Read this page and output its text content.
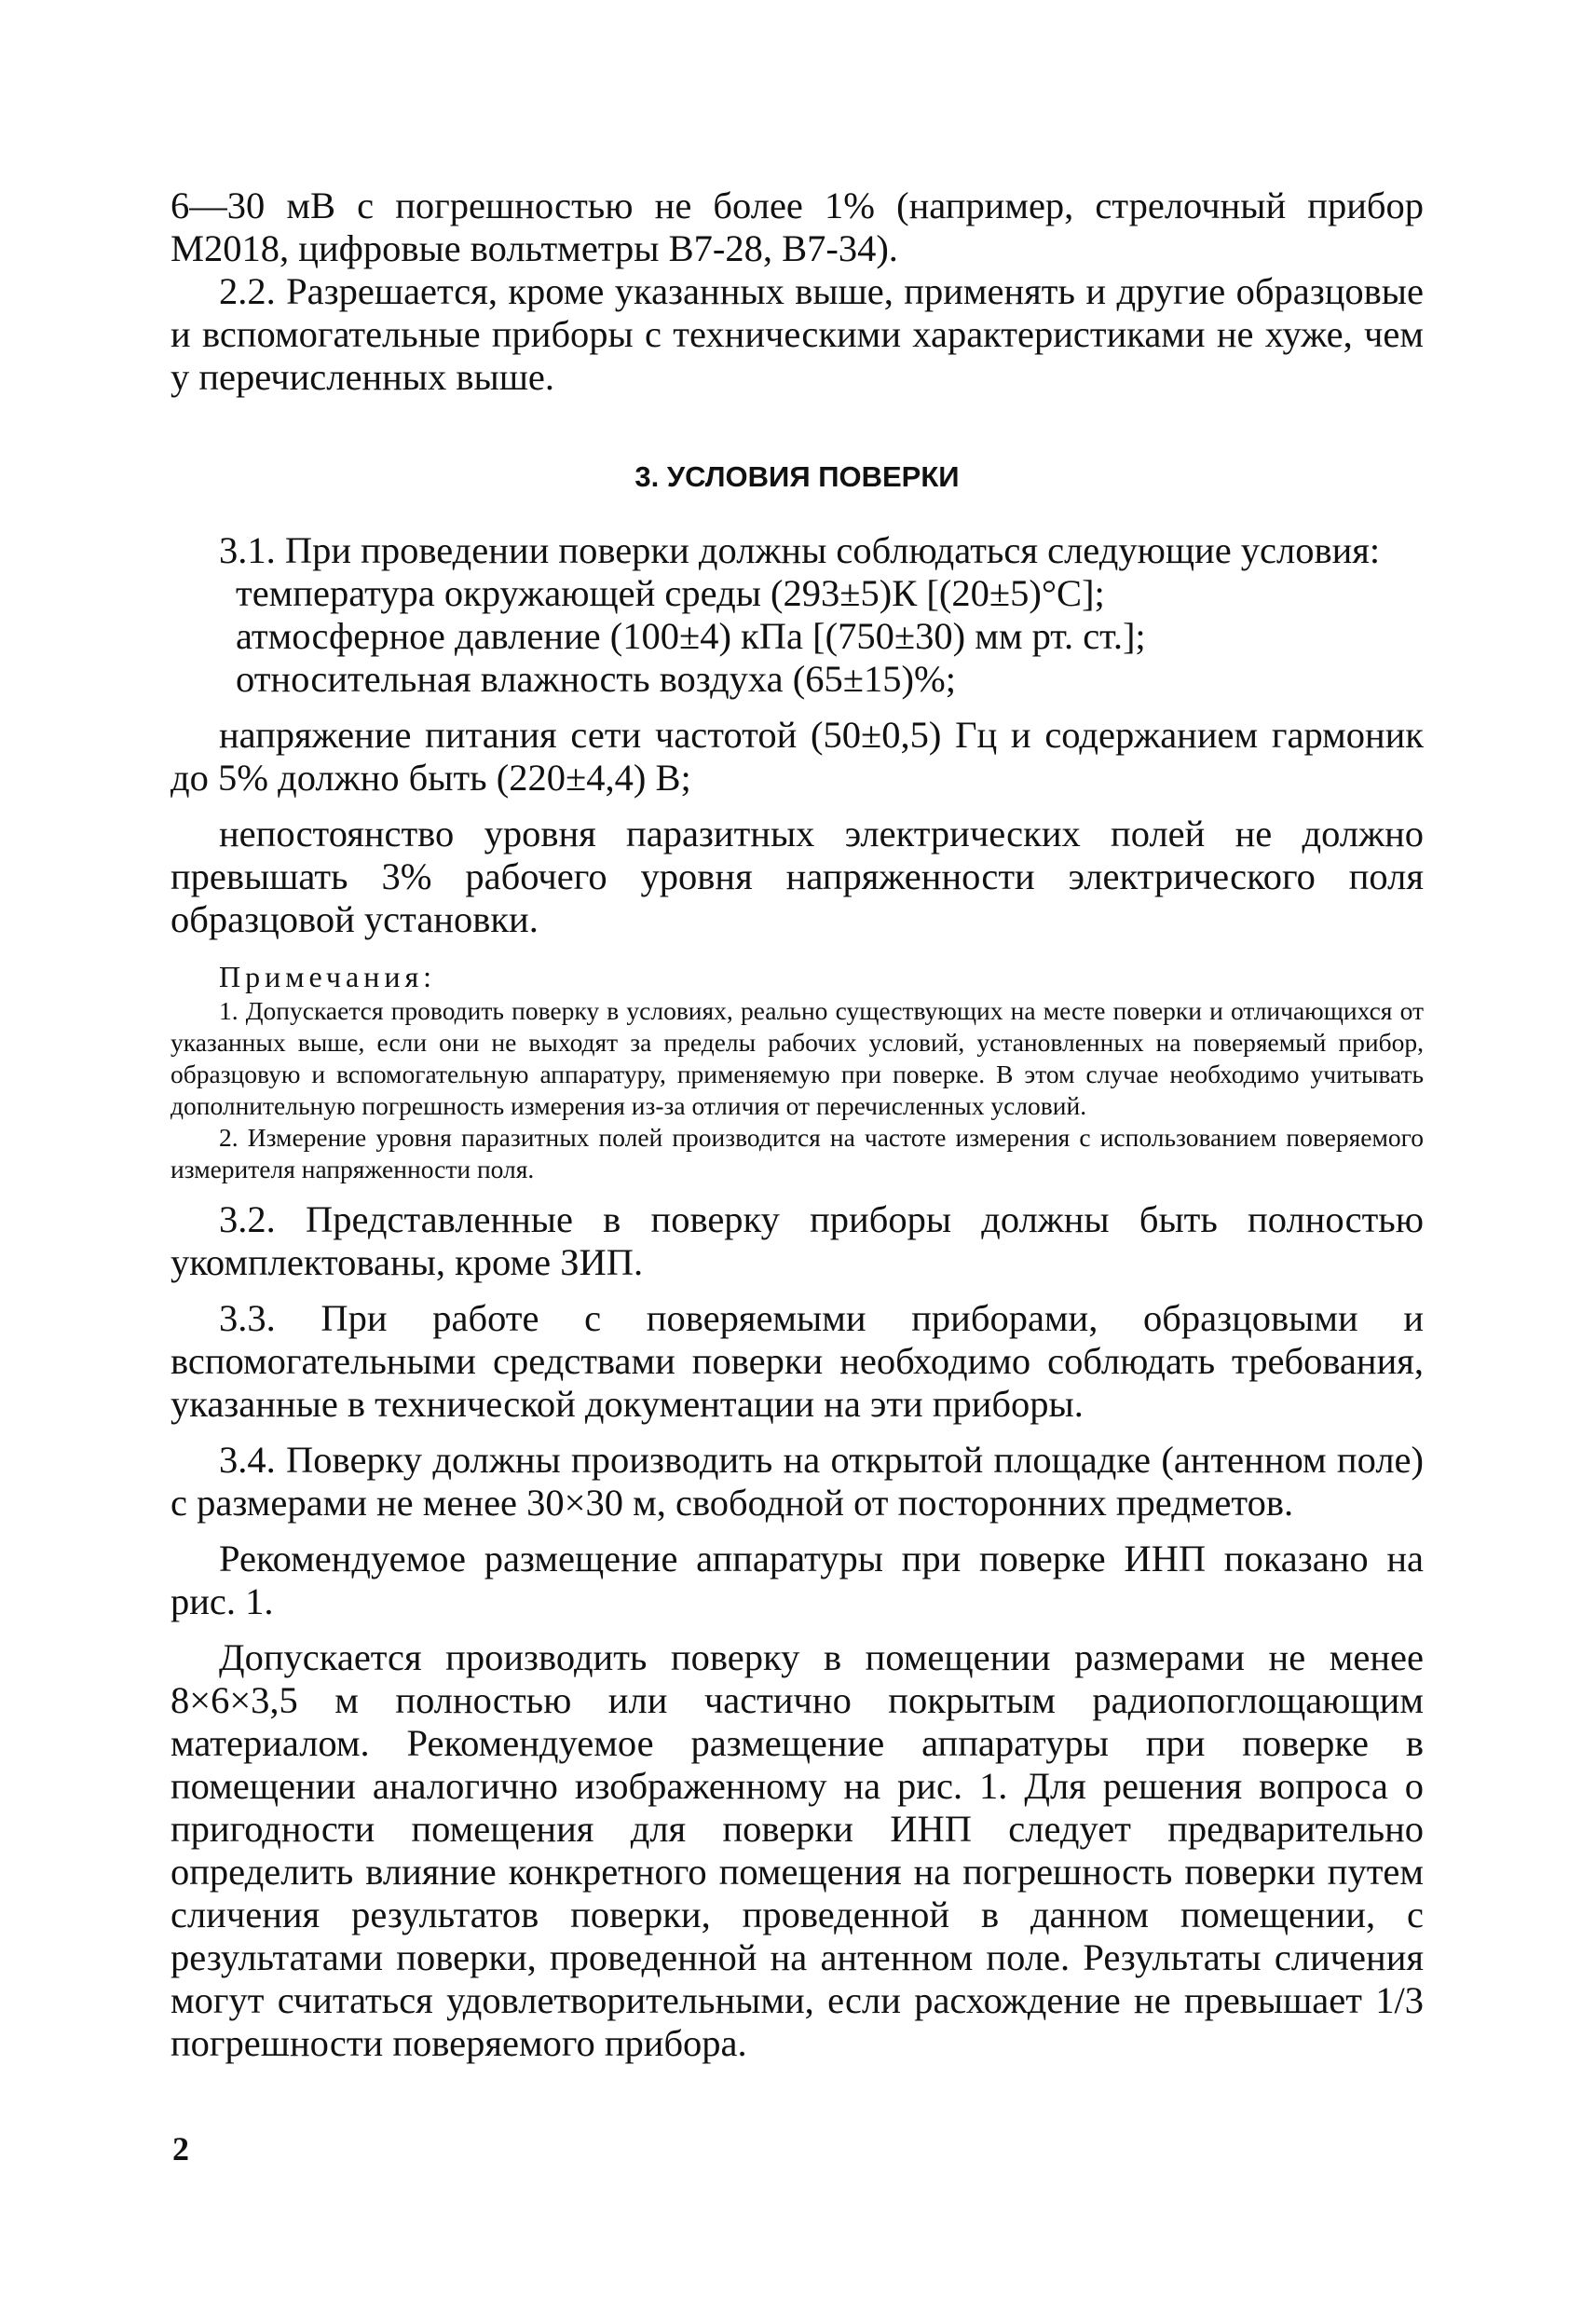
6—30 мВ с погрешностью не более 1% (например, стрелочный прибор М2018, цифровые вольтметры В7-28, В7-34).

2.2. Разрешается, кроме указанных выше, применять и другие образцовые и вспомогательные приборы с техническими характеристиками не хуже, чем у перечисленных выше.

3. УСЛОВИЯ ПОВЕРКИ

3.1. При проведении поверки должны соблюдаться следующие условия:

температура окружающей среды (293±5)К [(20±5)°С];

атмосферное давление (100±4) кПа [(750±30) мм рт. ст.];

относительная влажность воздуха (65±15)%;

напряжение питания сети частотой (50±0,5) Гц и содержанием гармоник до 5% должно быть (220±4,4) В;

непостоянство уровня паразитных электрических полей не должно превышать 3% рабочего уровня напряженности электрического поля образцовой установки.

Примечания:

1. Допускается проводить поверку в условиях, реально существующих на месте поверки и отличающихся от указанных выше, если они не выходят за пределы рабочих условий, установленных на поверяемый прибор, образцовую и вспомогательную аппаратуру, применяемую при поверке. В этом случае необходимо учитывать дополнительную погрешность измерения из-за отличия от перечисленных условий.

2. Измерение уровня паразитных полей производится на частоте измерения с использованием поверяемого измерителя напряженности поля.

3.2. Представленные в поверку приборы должны быть полностью укомплектованы, кроме ЗИП.

3.3. При работе с поверяемыми приборами, образцовыми и вспомогательными средствами поверки необходимо соблюдать требования, указанные в технической документации на эти приборы.

3.4. Поверку должны производить на открытой площадке (антенном поле) с размерами не менее 30×30 м, свободной от посторонних предметов.

Рекомендуемое размещение аппаратуры при поверке ИНП показано на рис. 1.

Допускается производить поверку в помещении размерами не менее 8×6×3,5 м полностью или частично покрытым радиопоглощающим материалом. Рекомендуемое размещение аппаратуры при поверке в помещении аналогично изображенному на рис. 1. Для решения вопроса о пригодности помещения для поверки ИНП следует предварительно определить влияние конкретного помещения на погрешность поверки путем сличения результатов поверки, проведенной в данном помещении, с результатами поверки, проведенной на антенном поле. Результаты сличения могут считаться удовлетворительными, если расхождение не превышает 1/3 погрешности поверяемого прибора.

2
